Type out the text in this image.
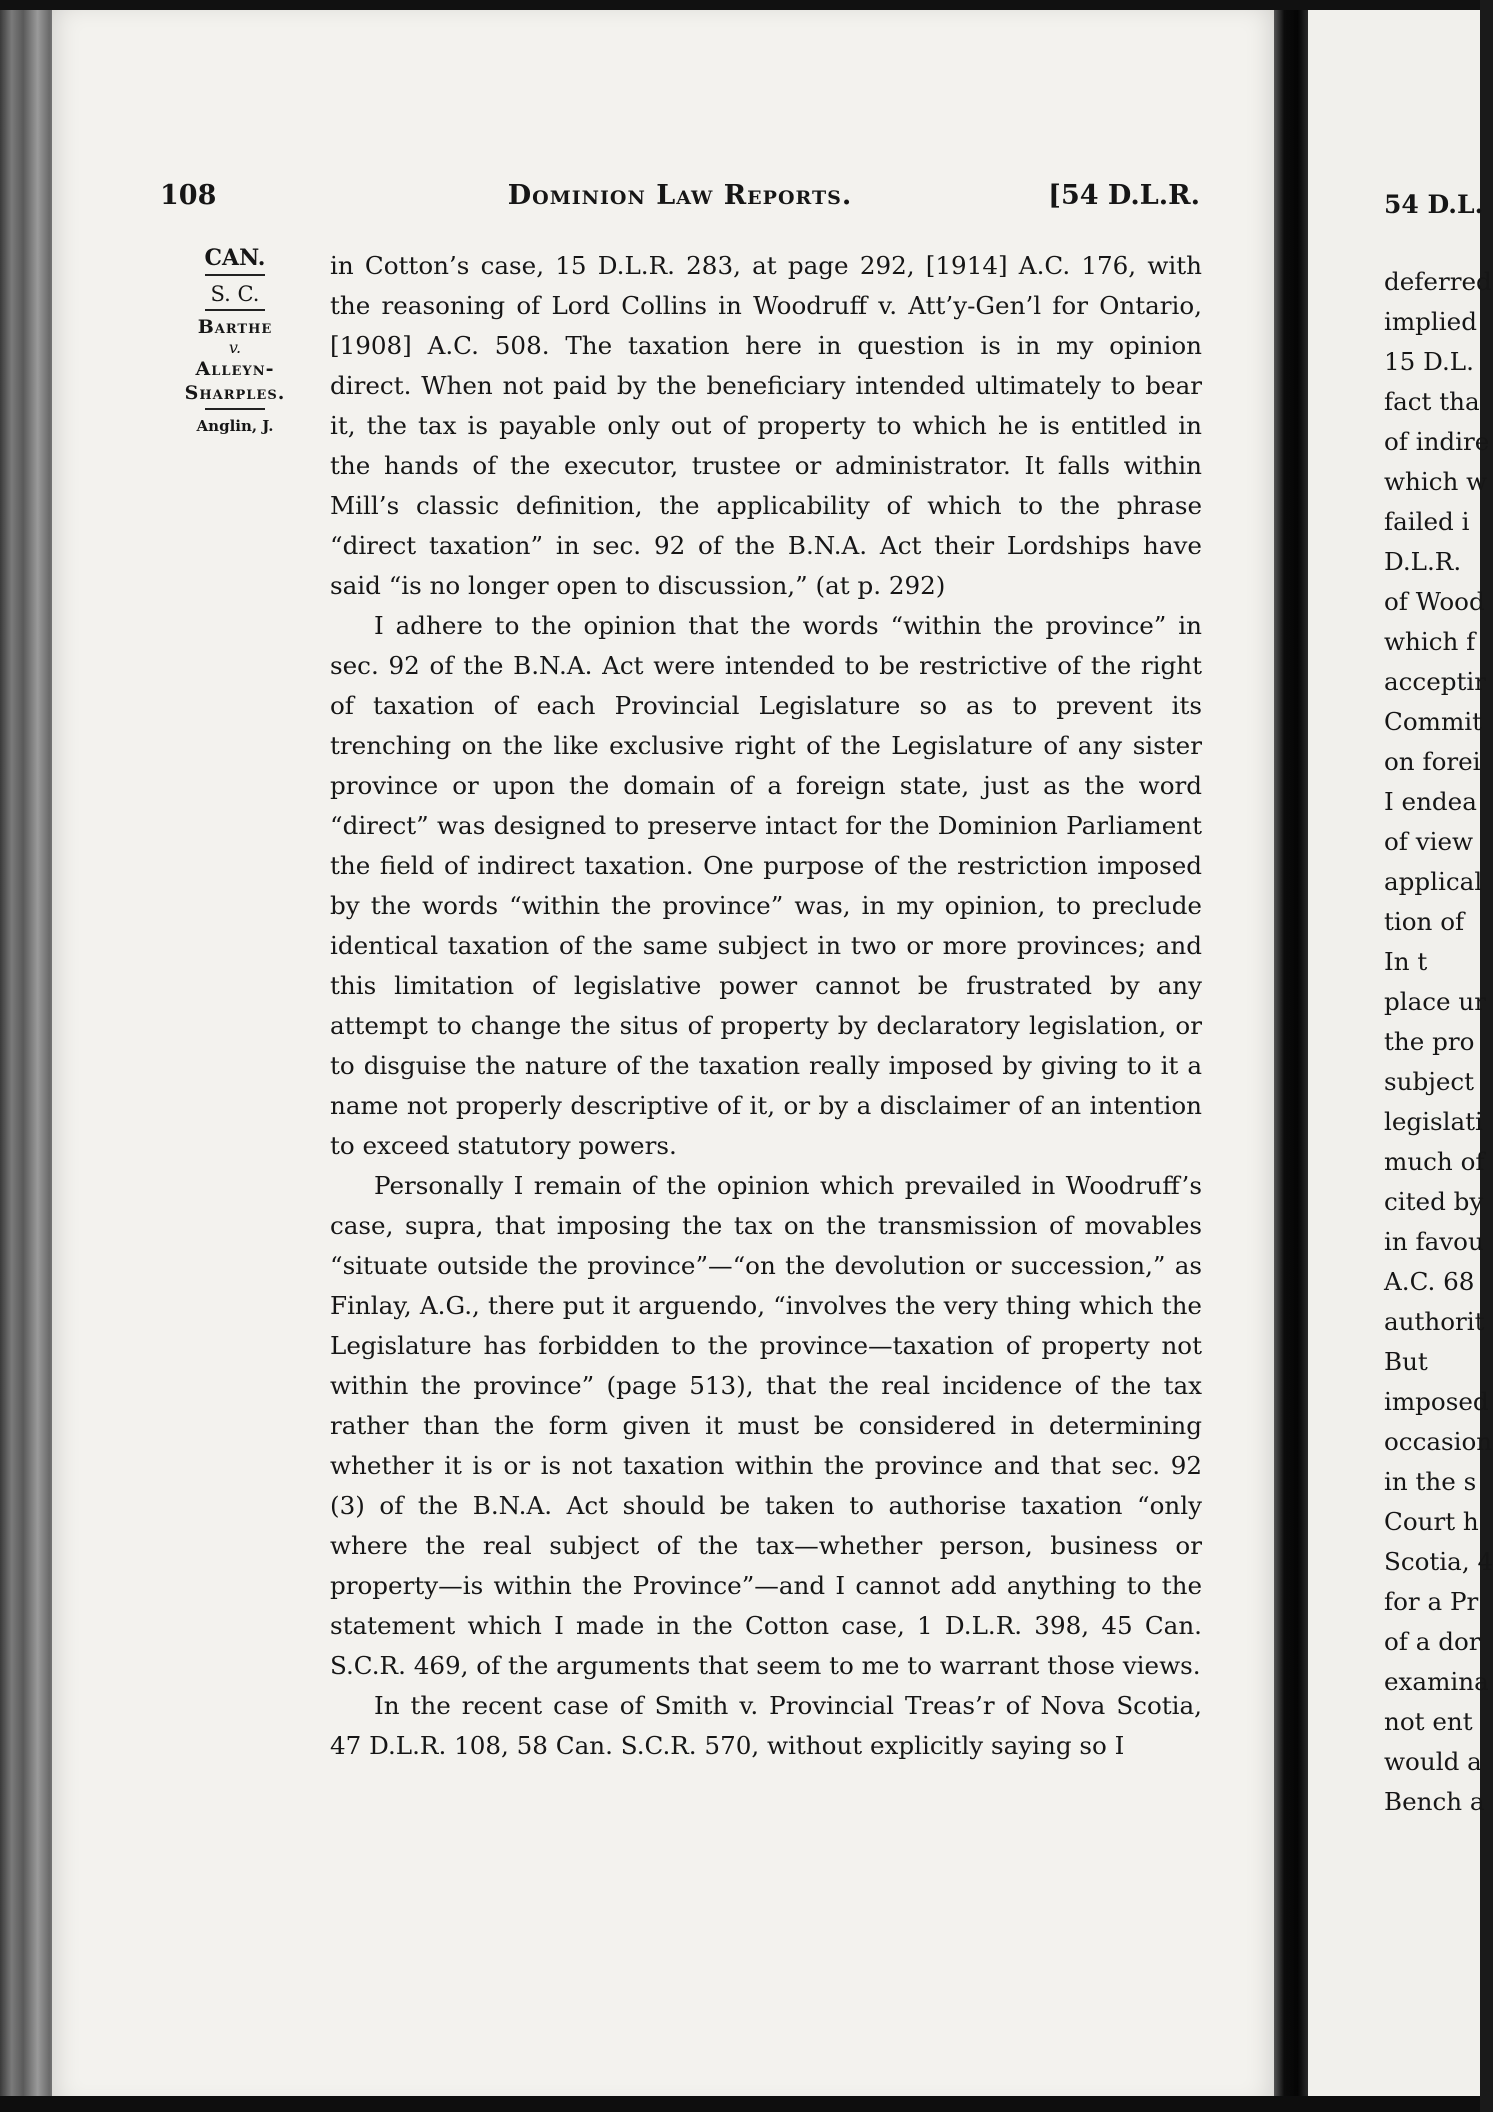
54 D.L.
deferred
implied
15 D.L.
fact tha
of indire
which w
failed i
D.L.R.
of Wood
which f
acceptir
Commit
on forei
I endea
of view
applical
tion of
In t
place ur
the pro
subject
legislati
much of
cited by
in favou
A.C. 68
authorit
But
imposed
occasion
in the s
Court h
Scotia, 4
for a Pr
of a dor
examina
not ent
would a
Bench a
108	Dominion Law Reports.	[54 D.L.R.
CAN.
S. C.
Barthe
v.
Alleyn-
Sharples.
Anglin, J.

in Cotton’s case, 15 D.L.R. 283, at page 292, [1914] A.C. 176, with the reasoning of Lord Collins in Woodruff v. Att’y-Gen’l for Ontario, [1908] A.C. 508. The taxation here in question is in my opinion direct. When not paid by the beneficiary intended ultimately to bear it, the tax is payable only out of property to which he is entitled in the hands of the executor, trustee or administrator. It falls within Mill’s classic definition, the applicability of which to the phrase “direct taxation” in sec. 92 of the B.N.A. Act their Lordships have said “is no longer open to discussion,” (at p. 292)

I adhere to the opinion that the words “within the province” in sec. 92 of the B.N.A. Act were intended to be restrictive of the right of taxation of each Provincial Legislature so as to prevent its trenching on the like exclusive right of the Legislature of any sister province or upon the domain of a foreign state, just as the word “direct” was designed to preserve intact for the Dominion Parliament the field of indirect taxation. One purpose of the restriction imposed by the words “within the province” was, in my opinion, to preclude identical taxation of the same subject in two or more provinces; and this limitation of legislative power cannot be frustrated by any attempt to change the situs of property by declaratory legislation, or to disguise the nature of the taxation really imposed by giving to it a name not properly descriptive of it, or by a disclaimer of an intention to exceed statutory powers.

Personally I remain of the opinion which prevailed in Woodruff’s case, supra, that imposing the tax on the transmission of movables “situate outside the province”—“on the devolution or succession,” as Finlay, A.G., there put it arguendo, “involves the very thing which the Legislature has forbidden to the province—taxation of property not within the province” (page 513), that the real incidence of the tax rather than the form given it must be considered in determining whether it is or is not taxation within the province and that sec. 92 (3) of the B.N.A. Act should be taken to authorise taxation “only where the real subject of the tax—whether person, business or property—is within the Province”—and I cannot add anything to the statement which I made in the Cotton case, 1 D.L.R. 398, 45 Can. S.C.R. 469, of the arguments that seem to me to warrant those views.

In the recent case of Smith v. Provincial Treas’r of Nova Scotia, 47 D.L.R. 108, 58 Can. S.C.R. 570, without explicitly saying so I
